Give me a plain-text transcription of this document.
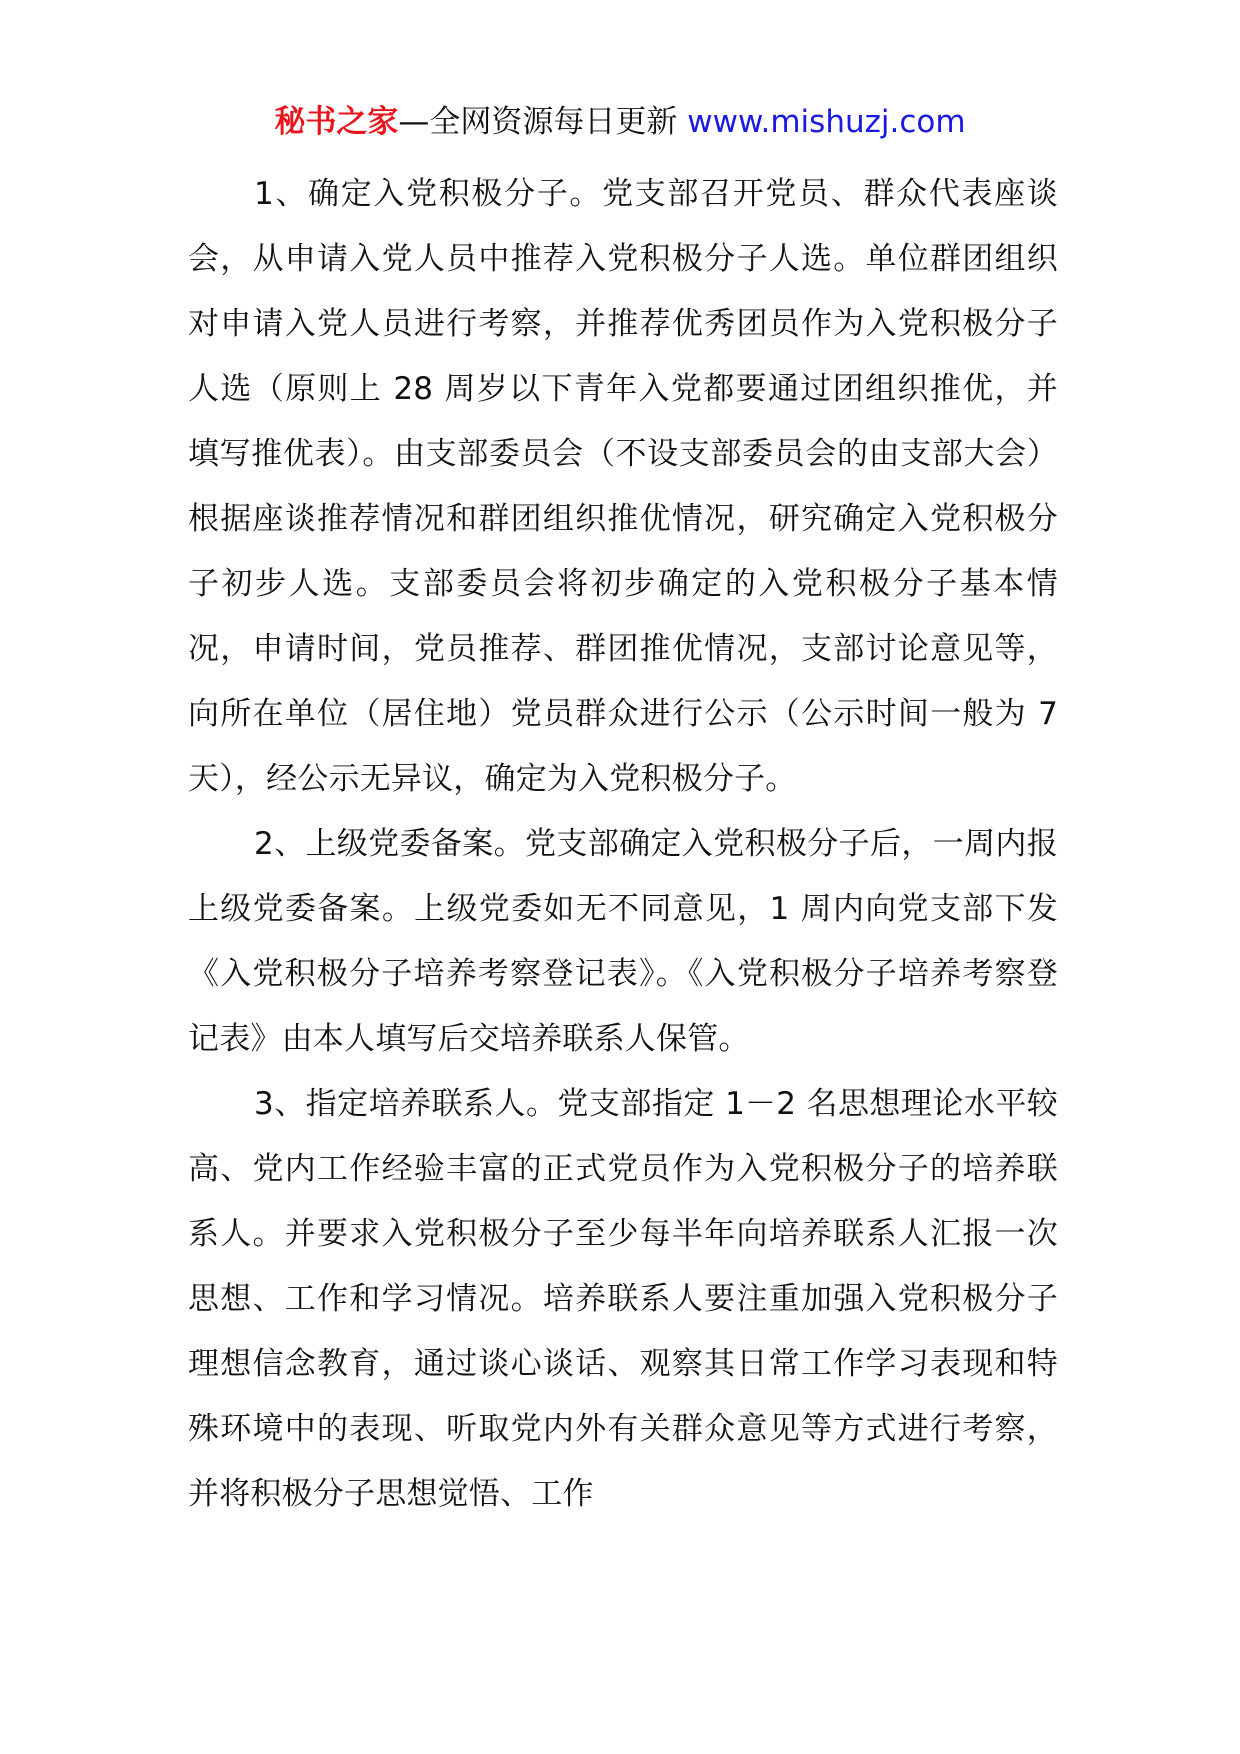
秘书之家—全网资源每日更新 www.mishuzj.com

1、确定入党积极分子。党支部召开党员、群众代表座谈会，从申请入党人员中推荐入党积极分子人选。单位群团组织对申请入党人员进行考察，并推荐优秀团员作为入党积极分子人选（原则上 28 周岁以下青年入党都要通过团组织推优，并填写推优表）。由支部委员会（不设支部委员会的由支部大会）根据座谈推荐情况和群团组织推优情况，研究确定入党积极分子初步人选。支部委员会将初步确定的入党积极分子基本情况，申请时间，党员推荐、群团推优情况，支部讨论意见等，向所在单位（居住地）党员群众进行公示（公示时间一般为 7 天），经公示无异议，确定为入党积极分子。

2、上级党委备案。党支部确定入党积极分子后，一周内报上级党委备案。上级党委如无不同意见，1 周内向党支部下发《入党积极分子培养考察登记表》。《入党积极分子培养考察登记表》由本人填写后交培养联系人保管。

3、指定培养联系人。党支部指定 1－2 名思想理论水平较高、党内工作经验丰富的正式党员作为入党积极分子的培养联系人。并要求入党积极分子至少每半年向培养联系人汇报一次思想、工作和学习情况。培养联系人要注重加强入党积极分子理想信念教育，通过谈心谈话、观察其日常工作学习表现和特殊环境中的表现、听取党内外有关群众意见等方式进行考察，并将积极分子思想觉悟、工作
